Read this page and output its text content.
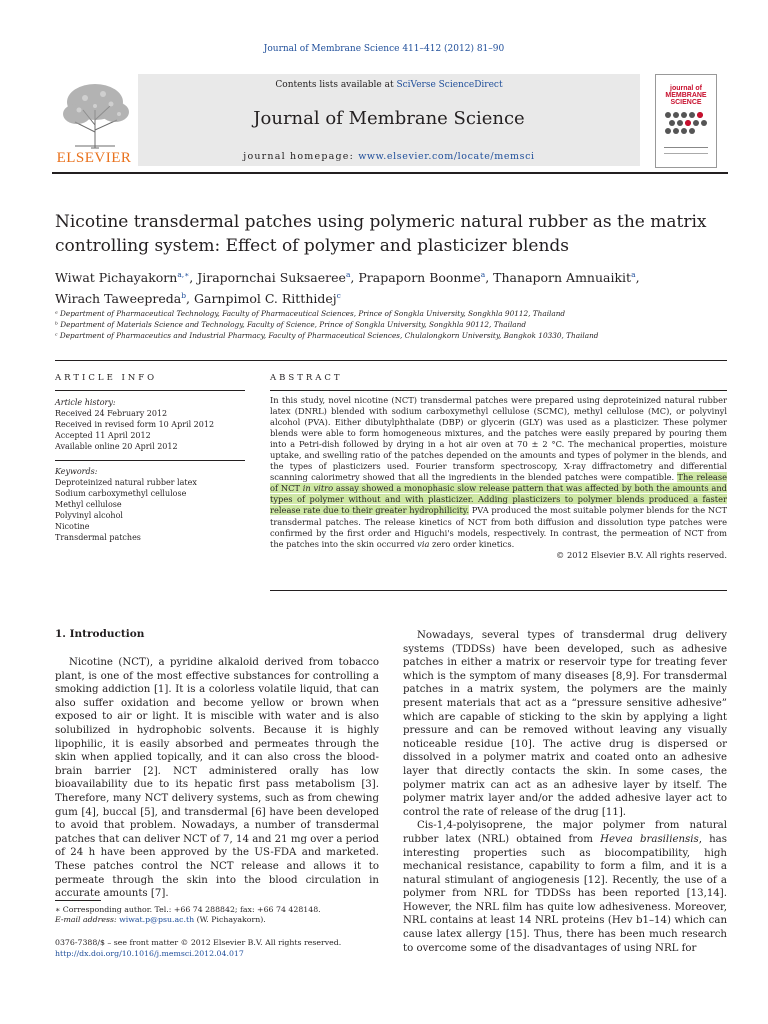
Journal of Membrane Science 411–412 (2012) 81–90
Contents lists available at SciVerse ScienceDirect
Journal of Membrane Science
journal homepage: www.elsevier.com/locate/memsci
ELSEVIER
journal of MEMBRANE SCIENCE
Nicotine transdermal patches using polymeric natural rubber as the matrix
controlling system: Effect of polymer and plasticizer blends
Wiwat Pichayakorn$^{a,∗}$, Jirapornchai Suksaeree$^a$, Prapaporn Boonme$^a$, Thanaporn Amnuaikit$^a$,
Wirach Taweepreda$^b$, Garnpimol C. Ritthidej$^c$
ᵃ Department of Pharmaceutical Technology, Faculty of Pharmaceutical Sciences, Prince of Songkla University, Songkhla 90112, Thailand
ᵇ Department of Materials Science and Technology, Faculty of Science, Prince of Songkla University, Songkhla 90112, Thailand
ᶜ Department of Pharmaceutics and Industrial Pharmacy, Faculty of Pharmaceutical Sciences, Chulalongkorn University, Bangkok 10330, Thailand
ARTICLE INFO
Article history:
Received 24 February 2012
Received in revised form 10 April 2012
Accepted 11 April 2012
Available online 20 April 2012
Keywords:
Deproteinized natural rubber latex
Sodium carboxymethyl cellulose
Methyl cellulose
Polyvinyl alcohol
Nicotine
Transdermal patches
ABSTRACT
In this study, novel nicotine (NCT) transdermal patches were prepared using deproteinized natural rubber latex (DNRL) blended with sodium carboxymethyl cellulose (SCMC), methyl cellulose (MC), or polyvinyl alcohol (PVA). Either dibutylphthalate (DBP) or glycerin (GLY) was used as a plasticizer. These polymer blends were able to form homogeneous mixtures, and the patches were easily prepared by pouring them into a Petri-dish followed by drying in a hot air oven at 70 ± 2 °C. The mechanical properties, moisture uptake, and swelling ratio of the patches depended on the amounts and types of polymer in the blends, and the types of plasticizers used. Fourier transform spectroscopy, X-ray diffractometry and differential scanning calorimetry showed that all the ingredients in the blended patches were compatible. The release of NCT in vitro assay showed a monophasic slow release pattern that was affected by both the amounts and types of polymer without and with plasticizer. Adding plasticizers to polymer blends produced a faster release rate due to their greater hydrophilicity. PVA produced the most suitable polymer blends for the NCT transdermal patches. The release kinetics of NCT from both diffusion and dissolution type patches were confirmed by the first order and Higuchi's models, respectively. In contrast, the permeation of NCT from the patches into the skin occurred via zero order kinetics.
© 2012 Elsevier B.V. All rights reserved.
1. Introduction

Nicotine (NCT), a pyridine alkaloid derived from tobacco plant, is one of the most effective substances for controlling a smoking addiction [1]. It is a colorless volatile liquid, that can also suffer oxidation and become yellow or brown when exposed to air or light. It is miscible with water and is also solubilized in hydrophobic solvents. Because it is highly lipophilic, it is easily absorbed and permeates through the skin when applied topically, and it can also cross the blood-brain barrier [2]. NCT administered orally has low bioavailability due to its hepatic first pass metabolism [3]. Therefore, many NCT delivery systems, such as from chewing gum [4], buccal [5], and transdermal [6] have been developed to avoid that problem. Nowadays, a number of transdermal patches that can deliver NCT of 7, 14 and 21 mg over a period of 24 h have been approved by the US-FDA and marketed. These patches control the NCT release and allows it to permeate through the skin into the blood circulation in accurate amounts [7].

Nowadays, several types of transdermal drug delivery systems (TDDSs) have been developed, such as adhesive patches in either a matrix or reservoir type for treating fever which is the symptom of many diseases [8,9]. For transdermal patches in a matrix system, the polymers are the mainly present materials that act as a “pressure sensitive adhesive” which are capable of sticking to the skin by applying a light pressure and can be removed without leaving any visually noticeable residue [10]. The active drug is dispersed or dissolved in a polymer matrix and coated onto an adhesive layer that directly contacts the skin. In some cases, the polymer matrix can act as an adhesive layer by itself. The polymer matrix layer and/or the added adhesive layer act to control the rate of release of the drug [11].

Cis-1,4-polyisoprene, the major polymer from natural rubber latex (NRL) obtained from Hevea brasiliensis, has interesting properties such as biocompatibility, high mechanical resistance, capability to form a film, and it is a natural stimulant of angiogenesis [12]. Recently, the use of a polymer from NRL for TDDSs has been reported [13,14]. However, the NRL film has quite low adhesiveness. Moreover, NRL contains at least 14 NRL proteins (Hev b1–14) which can cause latex allergy [15]. Thus, there has been much research to overcome some of the disadvantages of using NRL for

∗ Corresponding author. Tel.: +66 74 288842; fax: +66 74 428148.
E-mail address: wiwat.p@psu.ac.th (W. Pichayakorn).
0376-7388/$ – see front matter © 2012 Elsevier B.V. All rights reserved.
http://dx.doi.org/10.1016/j.memsci.2012.04.017
